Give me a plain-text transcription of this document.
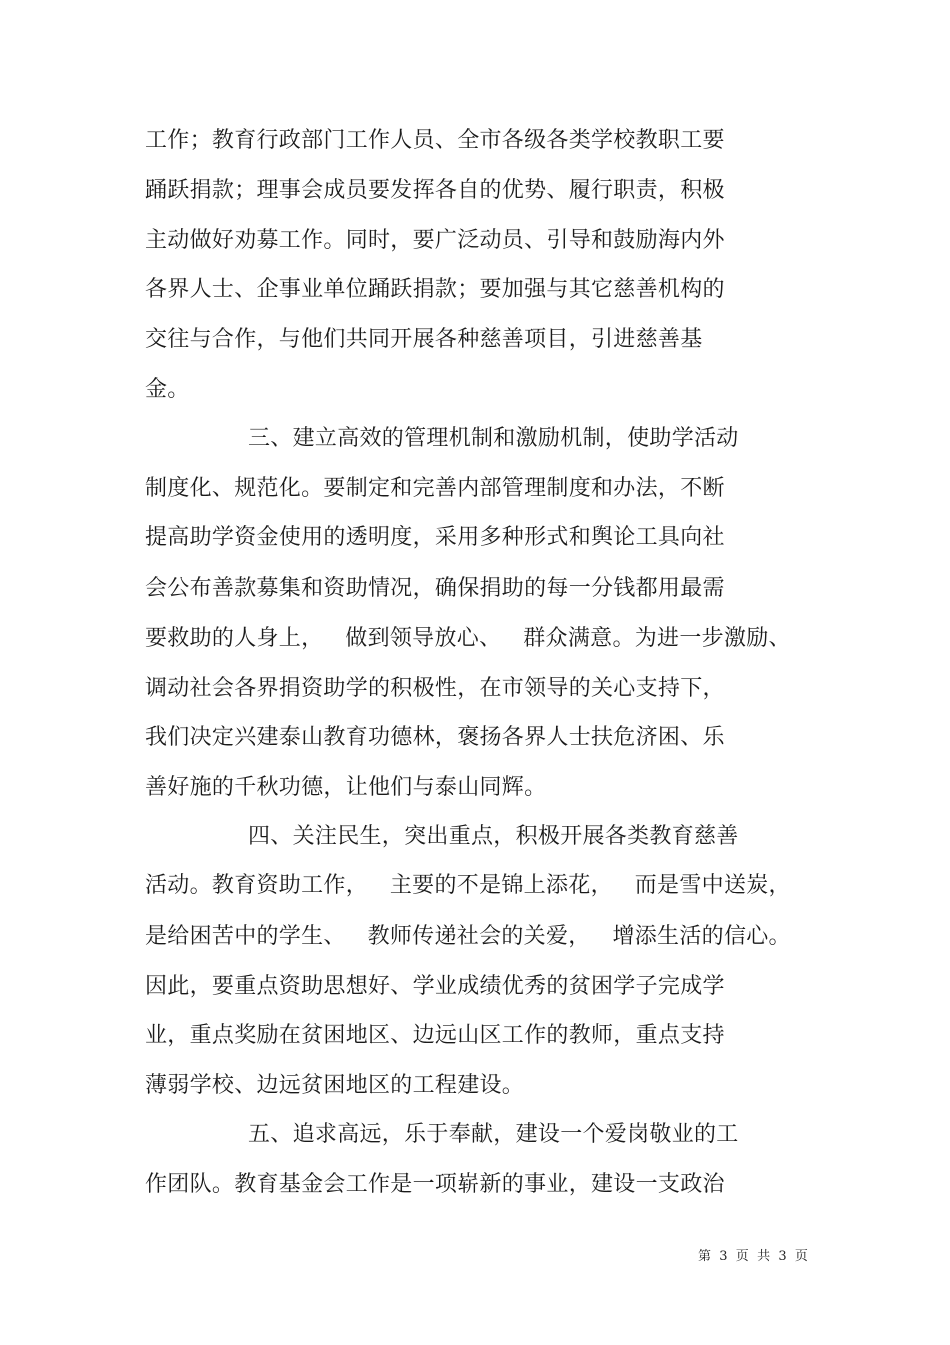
工作；教育行政部门工作人员、全市各级各类学校教职工要
踊跃捐款；理事会成员要发挥各自的优势、履行职责，积极
主动做好劝募工作。同时，要广泛动员、引导和鼓励海内外
各界人士、企事业单位踊跃捐款；要加强与其它慈善机构的
交往与合作，与他们共同开展各种慈善项目，引进慈善基
金。
三、建立高效的管理机制和激励机制，使助学活动
制度化、规范化。要制定和完善内部管理制度和办法，不断
提高助学资金使用的透明度，采用多种形式和舆论工具向社
会公布善款募集和资助情况，确保捐助的每一分钱都用最需
要救助的人身上，   做到领导放心、   群众满意。为进一步激励、
调动社会各界捐资助学的积极性，在市领导的关心支持下，
我们决定兴建泰山教育功德林，褒扬各界人士扶危济困、乐
善好施的千秋功德，让他们与泰山同辉。
四、关注民生，突出重点，积极开展各类教育慈善
活动。教育资助工作，   主要的不是锦上添花，   而是雪中送炭，
是给困苦中的学生、   教师传递社会的关爱，   增添生活的信心。
因此，要重点资助思想好、学业成绩优秀的贫困学子完成学
业，重点奖励在贫困地区、边远山区工作的教师，重点支持
薄弱学校、边远贫困地区的工程建设。
五、追求高远，乐于奉献，建设一个爱岗敬业的工
作团队。教育基金会工作是一项崭新的事业，建设一支政治
第  3  页  共  3  页
